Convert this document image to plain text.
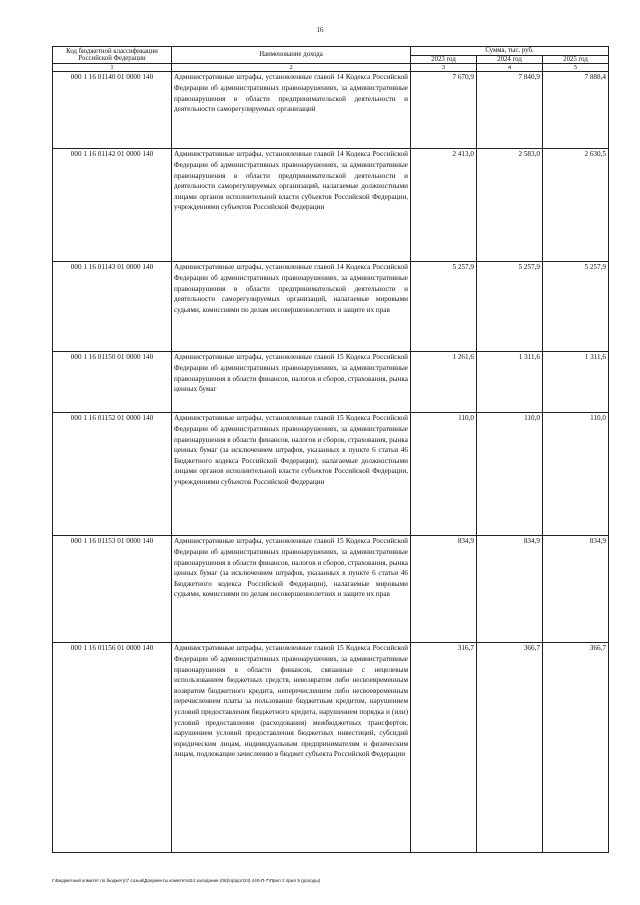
16
Код бюджетной классификации Российской Федерации	Наименование дохода	Сумма, тыс. руб.		
		2023 год	2024 год	2025 год
1	2	3	4	5
000 1 16 01140 01 0000 140	Административные штрафы, установленные главой 14 Кодекса Российской Федерации об административных правонарушениях, за административные правонарушения в области предпринимательской деятельности и деятельности саморегулируемых организаций	7 670,9	7 840,9	7 888,4
000 1 16 01142 01 0000 140	Административные штрафы, установленные главой 14 Кодекса Российской Федерации об административных правонарушениях, за административные правонарушения в области предпринимательской деятельности и деятельности саморегулируемых организаций, налагаемые должностными лицами органов исполнительной власти субъектов Российской Федерации, учреждениями субъектов Российской Федерации	2 413,0	2 583,0	2 630,5
000 1 16 01143 01 0000 140	Административные штрафы, установленные главой 14 Кодекса Российской Федерации об административных правонарушениях, за административные правонарушения в области предпринимательской деятельности и деятельности саморегулируемых организаций, налагаемые мировыми судьями, комиссиями по делам несовершеннолетних и защите их прав	5 257,9	5 257,9	5 257,9
000 1 16 01150 01 0000 140	Административные штрафы, установленные главой 15 Кодекса Российской Федерации об административных правонарушениях, за административные правонарушения в области финансов, налогов и сборов, страхования, рынка ценных бумаг	1 261,6	1 311,6	1 311,6
000 1 16 01152 01 0000 140	Административные штрафы, установленные главой 15 Кодекса Российской Федерации об административных правонарушениях, за административные правонарушения в области финансов, налогов и сборов, страхования, рынка ценных бумаг (за исключением штрафов, указанных в пункте 6 статьи 46 Бюджетного кодекса Российской Федерации), налагаемые должностными лицами органов исполнительной власти субъектов Российской Федерации, учреждениями субъектов Российской Федерации	110,0	110,0	110,0
000 1 16 01153 01 0000 140	Административные штрафы, установленные главой 15 Кодекса Российской Федерации об административных правонарушениях, за административные правонарушения в области финансов, налогов и сборов, страхования, рынка ценных бумаг (за исключением штрафов, указанных в пункте 6 статьи 46 Бюджетного кодекса Российской Федерации), налагаемые мировыми судьями, комиссиями по делам несовершеннолетних и защите их прав	834,9	834,9	834,9
000 1 16 01156 01 0000 140	Административные штрафы, установленные главой 15 Кодекса Российской Федерации об административных правонарушениях, за административные правонарушения в области финансов, связанные с нецелевым использованием бюджетных средств, невозвратом либо несвоевременным возвратом бюджетного кредита, неперечислением либо несвоевременным перечислением платы за пользование бюджетным кредитом, нарушением условий предоставления бюджетного кредита, нарушением порядка и (или) условий предоставления (расходования) межбюджетных трансфертов, нарушением условий предоставления бюджетных инвестиций, субсидий юридическим лицам, индивидуальным предпринимателям и физическим лицам, подлежащие зачислению в бюджет субъекта Российской Федерации	316,7	366,7	366,7
I:\Бюджетный комитет по бюджету\7 созыв\Документы комитета\24 заседание (06)\пр\дог\24) 440-П-7\Прил 2 прил 5 (доходы)
